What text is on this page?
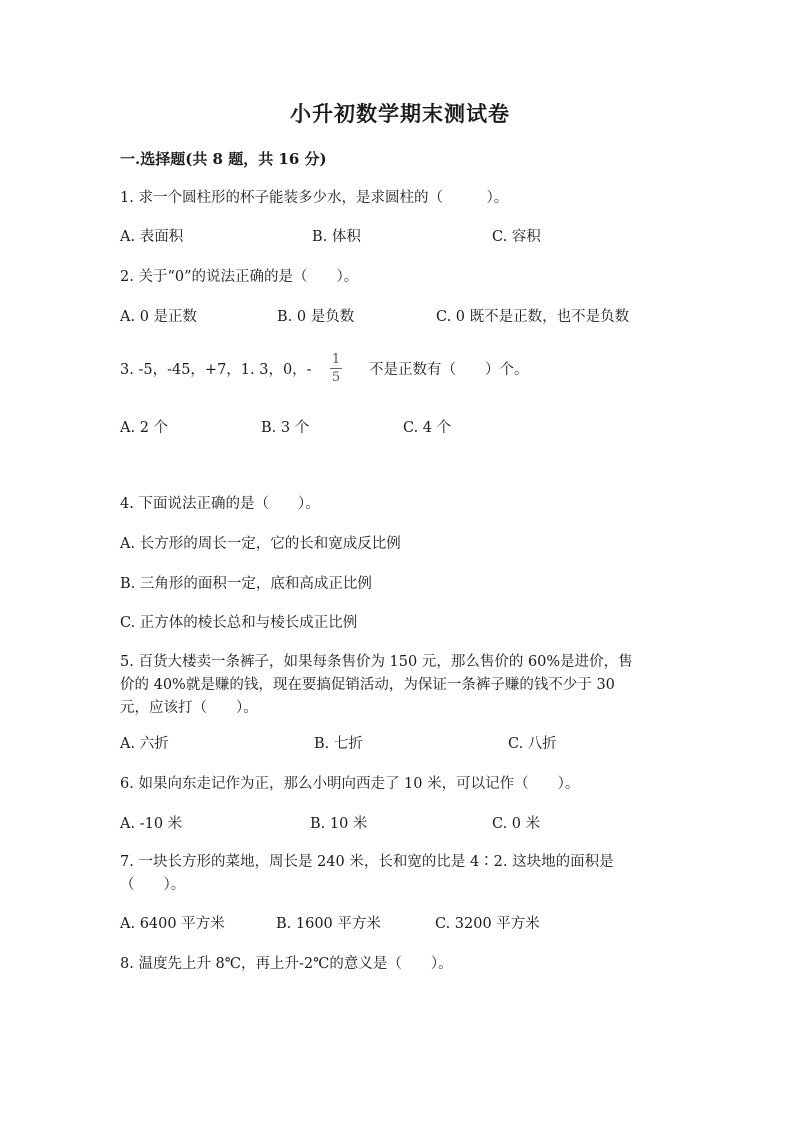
小升初数学期末测试卷
一.选择题(共 8 题，共 16 分)
1. 求一个圆柱形的杯子能装多少水，是求圆柱的（　　　）。
A. 表面积	B. 体积	C. 容积
2. 关于“0”的说法正确的是（　　）。
A. 0 是正数	B. 0 是负数	C. 0 既不是正数，也不是负数
3. -5，-45，+7，1. 3，0，-
1
5 不是正数有（　　）个。
A. 2 个	B. 3 个	C. 4 个
4. 下面说法正确的是（　　）。
A. 长方形的周长一定，它的长和宽成反比例
B. 三角形的面积一定，底和高成正比例
C. 正方体的棱长总和与棱长成正比例
5. 百货大楼卖一条裤子，如果每条售价为 150 元，那么售价的 60%是进价，售
价的 40%就是赚的钱，现在要搞促销活动，为保证一条裤子赚的钱不少于 30
元，应该打（　　）。
A. 六折	B. 七折	C. 八折
6. 如果向东走记作为正，那么小明向西走了 10 米，可以记作（　　）。
A. -10 米	B. 10 米	C. 0 米
7. 一块长方形的菜地，周长是 240 米，长和宽的比是 4∶2. 这块地的面积是
（　　）。
A. 6400 平方米	B. 1600 平方米	C. 3200 平方米
8. 温度先上升 8℃，再上升-2℃的意义是（　　）。
